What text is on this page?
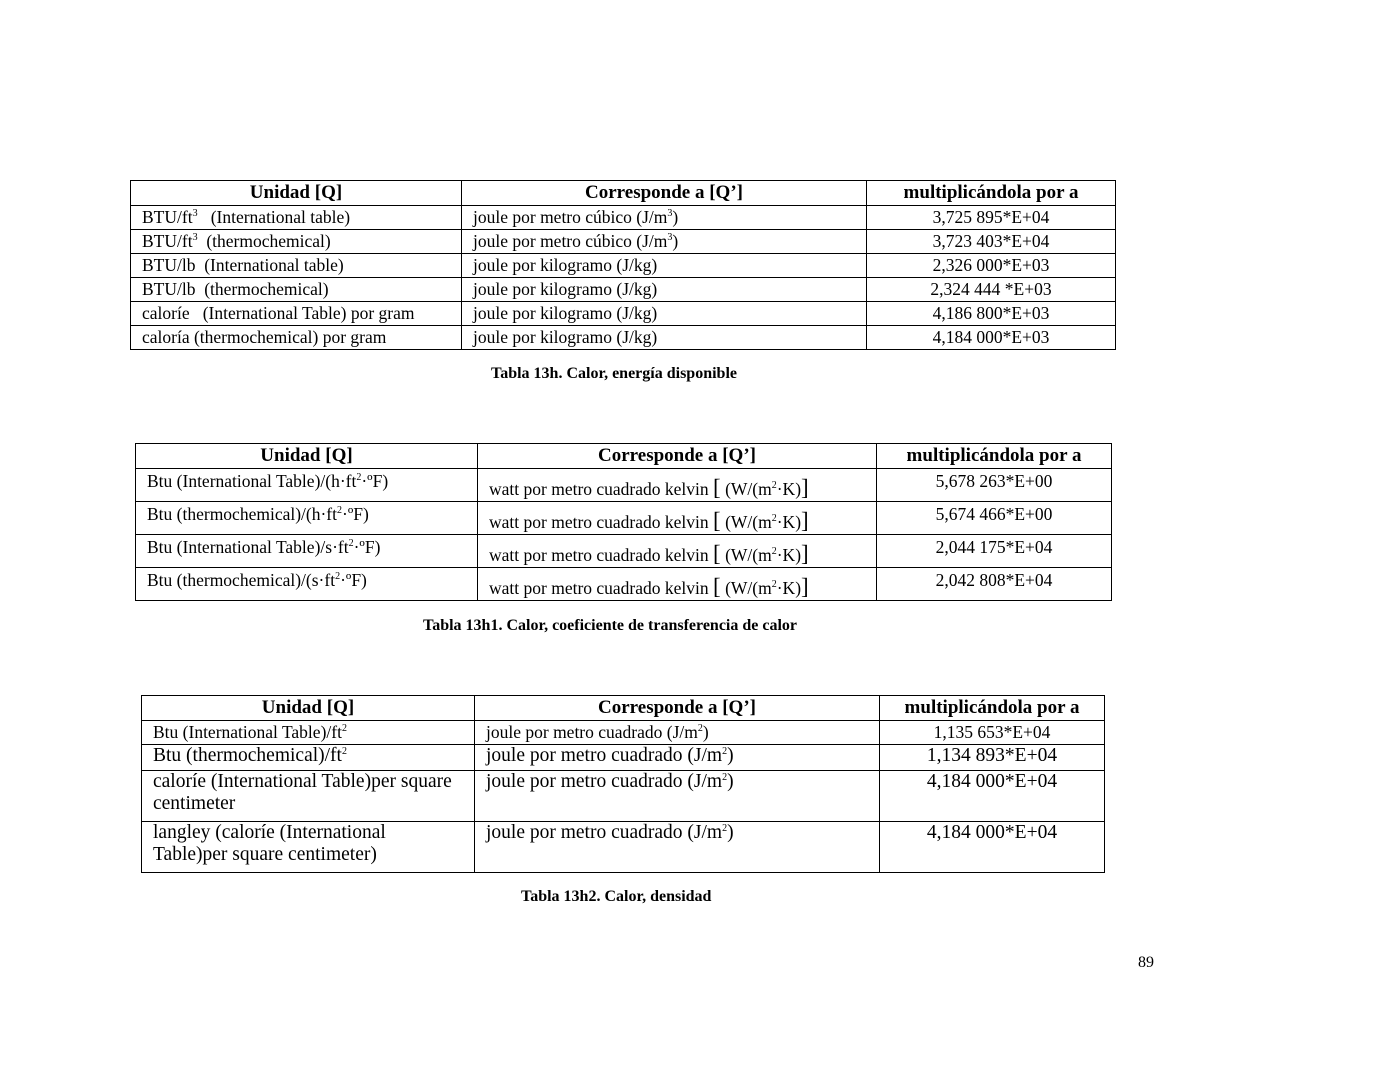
Unidad [Q]	Corresponde a [Q’]	multiplicándola por a
BTU/$ft^3$   (International table)	joule por metro cúbico $(J/m^3)$	3,725 895*E+04
BTU/$ft^3$  (thermochemical)	joule por metro cúbico $(J/m^3)$	3,723 403*E+04
BTU/lb  (International table)	joule por kilogramo (J/kg)	2,326 000*E+03
BTU/lb  (thermochemical)	joule por kilogramo (J/kg)	2,324 444 *E+03
caloríe   (International Table) por gram	joule por kilogramo (J/kg)	4,186 800*E+03
caloría (thermochemical) por gram	joule por kilogramo (J/kg)	4,184 000*E+03
Tabla 13h. Calor, energía disponible
Unidad [Q]	Corresponde a [Q’]	multiplicándola por a
Btu (International $Table)/(h\cdot ft^2\cdot ºF)$	watt por metro cuadrado kelvin [ $(W/(m^2\cdot K)]$	5,678 263*E+00
Btu $(thermochemical)/(h\cdot ft^2\cdot ºF)$	watt por metro cuadrado kelvin [ $(W/(m^2\cdot K)]$	5,674 466*E+00
Btu (International $Table)/s\cdot ft^2\cdot ºF$)	watt por metro cuadrado kelvin [ $(W/(m^2\cdot K)]$	2,044 175*E+04
Btu $(thermochemical)/(s\cdot ft^2\cdot ºF)$	watt por metro cuadrado kelvin [ $(W/(m^2\cdot K)]$	2,042 808*E+04
Tabla 13h1. Calor, coeficiente de transferencia de calor
Unidad [Q]	Corresponde a [Q’]	multiplicándola por a
Btu (International $Table)/ft^2$	joule por metro cuadrado $(J/m^2)$	1,135 653*E+04
Btu $(thermochemical)/ft^2$	joule por metro cuadrado $(J/m^2)$	1,134 893*E+04
caloríe (International Table)per square centimeter	joule por metro cuadrado $(J/m^2)$	4,184 000*E+04
langley (caloríe (International Table)per square centimeter)	joule por metro cuadrado $(J/m^2)$	4,184 000*E+04
Tabla 13h2. Calor, densidad
89
